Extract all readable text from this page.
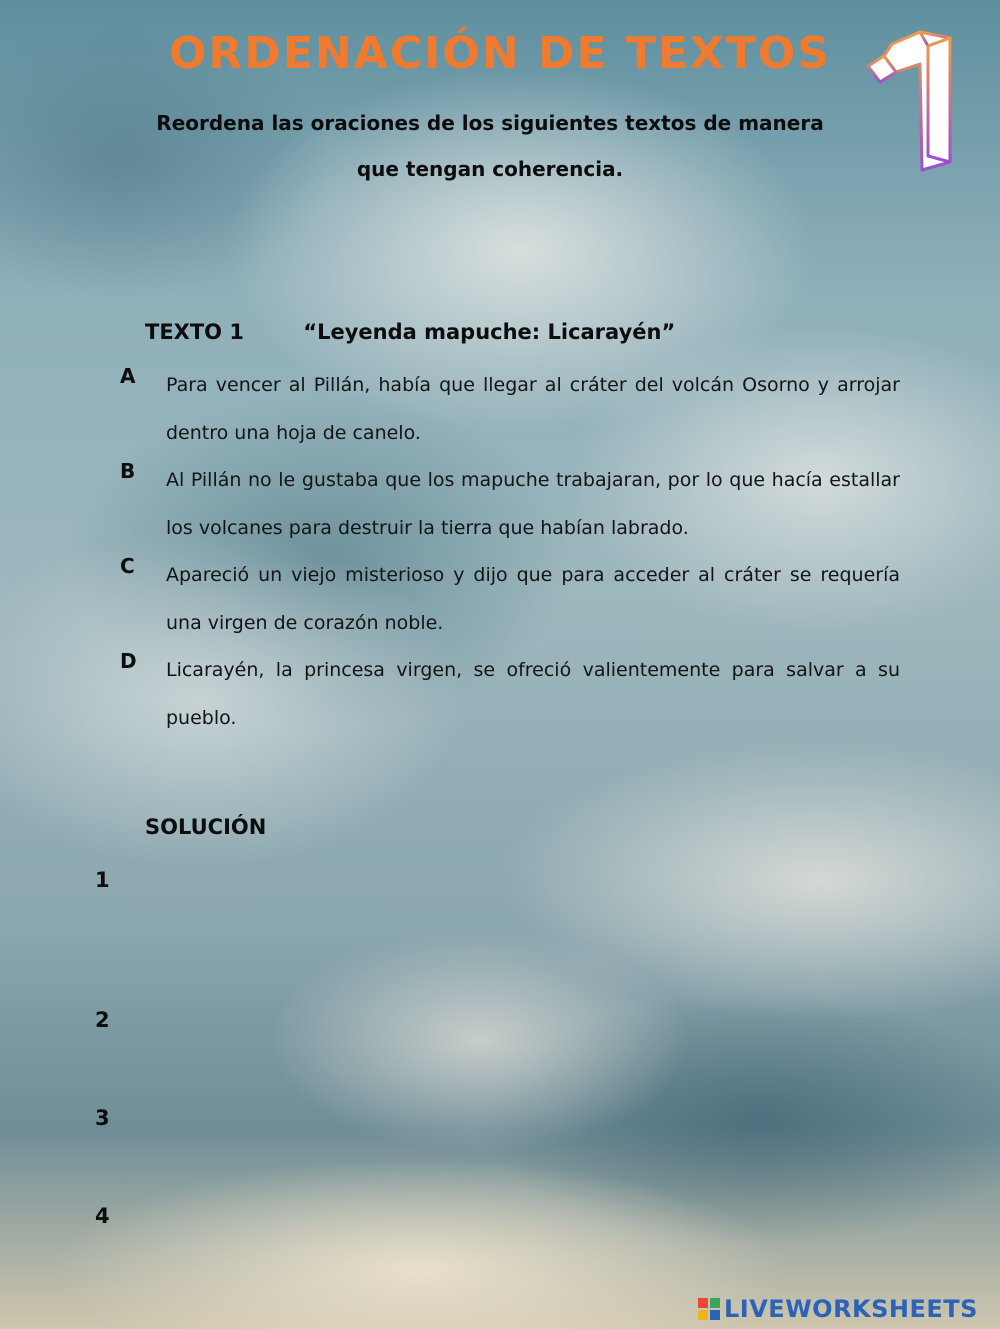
ORDENACIÓN DE TEXTOS
Reordena las oraciones de los siguientes textos de manera que tengan coherencia.
1
TEXTO 1	“Leyenda mapuche: Licarayén”
A Para vencer al Pillán, había que llegar al cráter del volcán Osorno y arrojar dentro una hoja de canelo.
B Al Pillán no le gustaba que los mapuche trabajaran, por lo que hacía estallar los volcanes para destruir la tierra que habían labrado.
C Apareció un viejo misterioso y dijo que para acceder al cráter se requería una virgen de corazón noble.
D Licarayén, la princesa virgen, se ofreció valientemente para salvar a su pueblo.
SOLUCIÓN
1
2
3
4
LIVEWORKSHEETS
